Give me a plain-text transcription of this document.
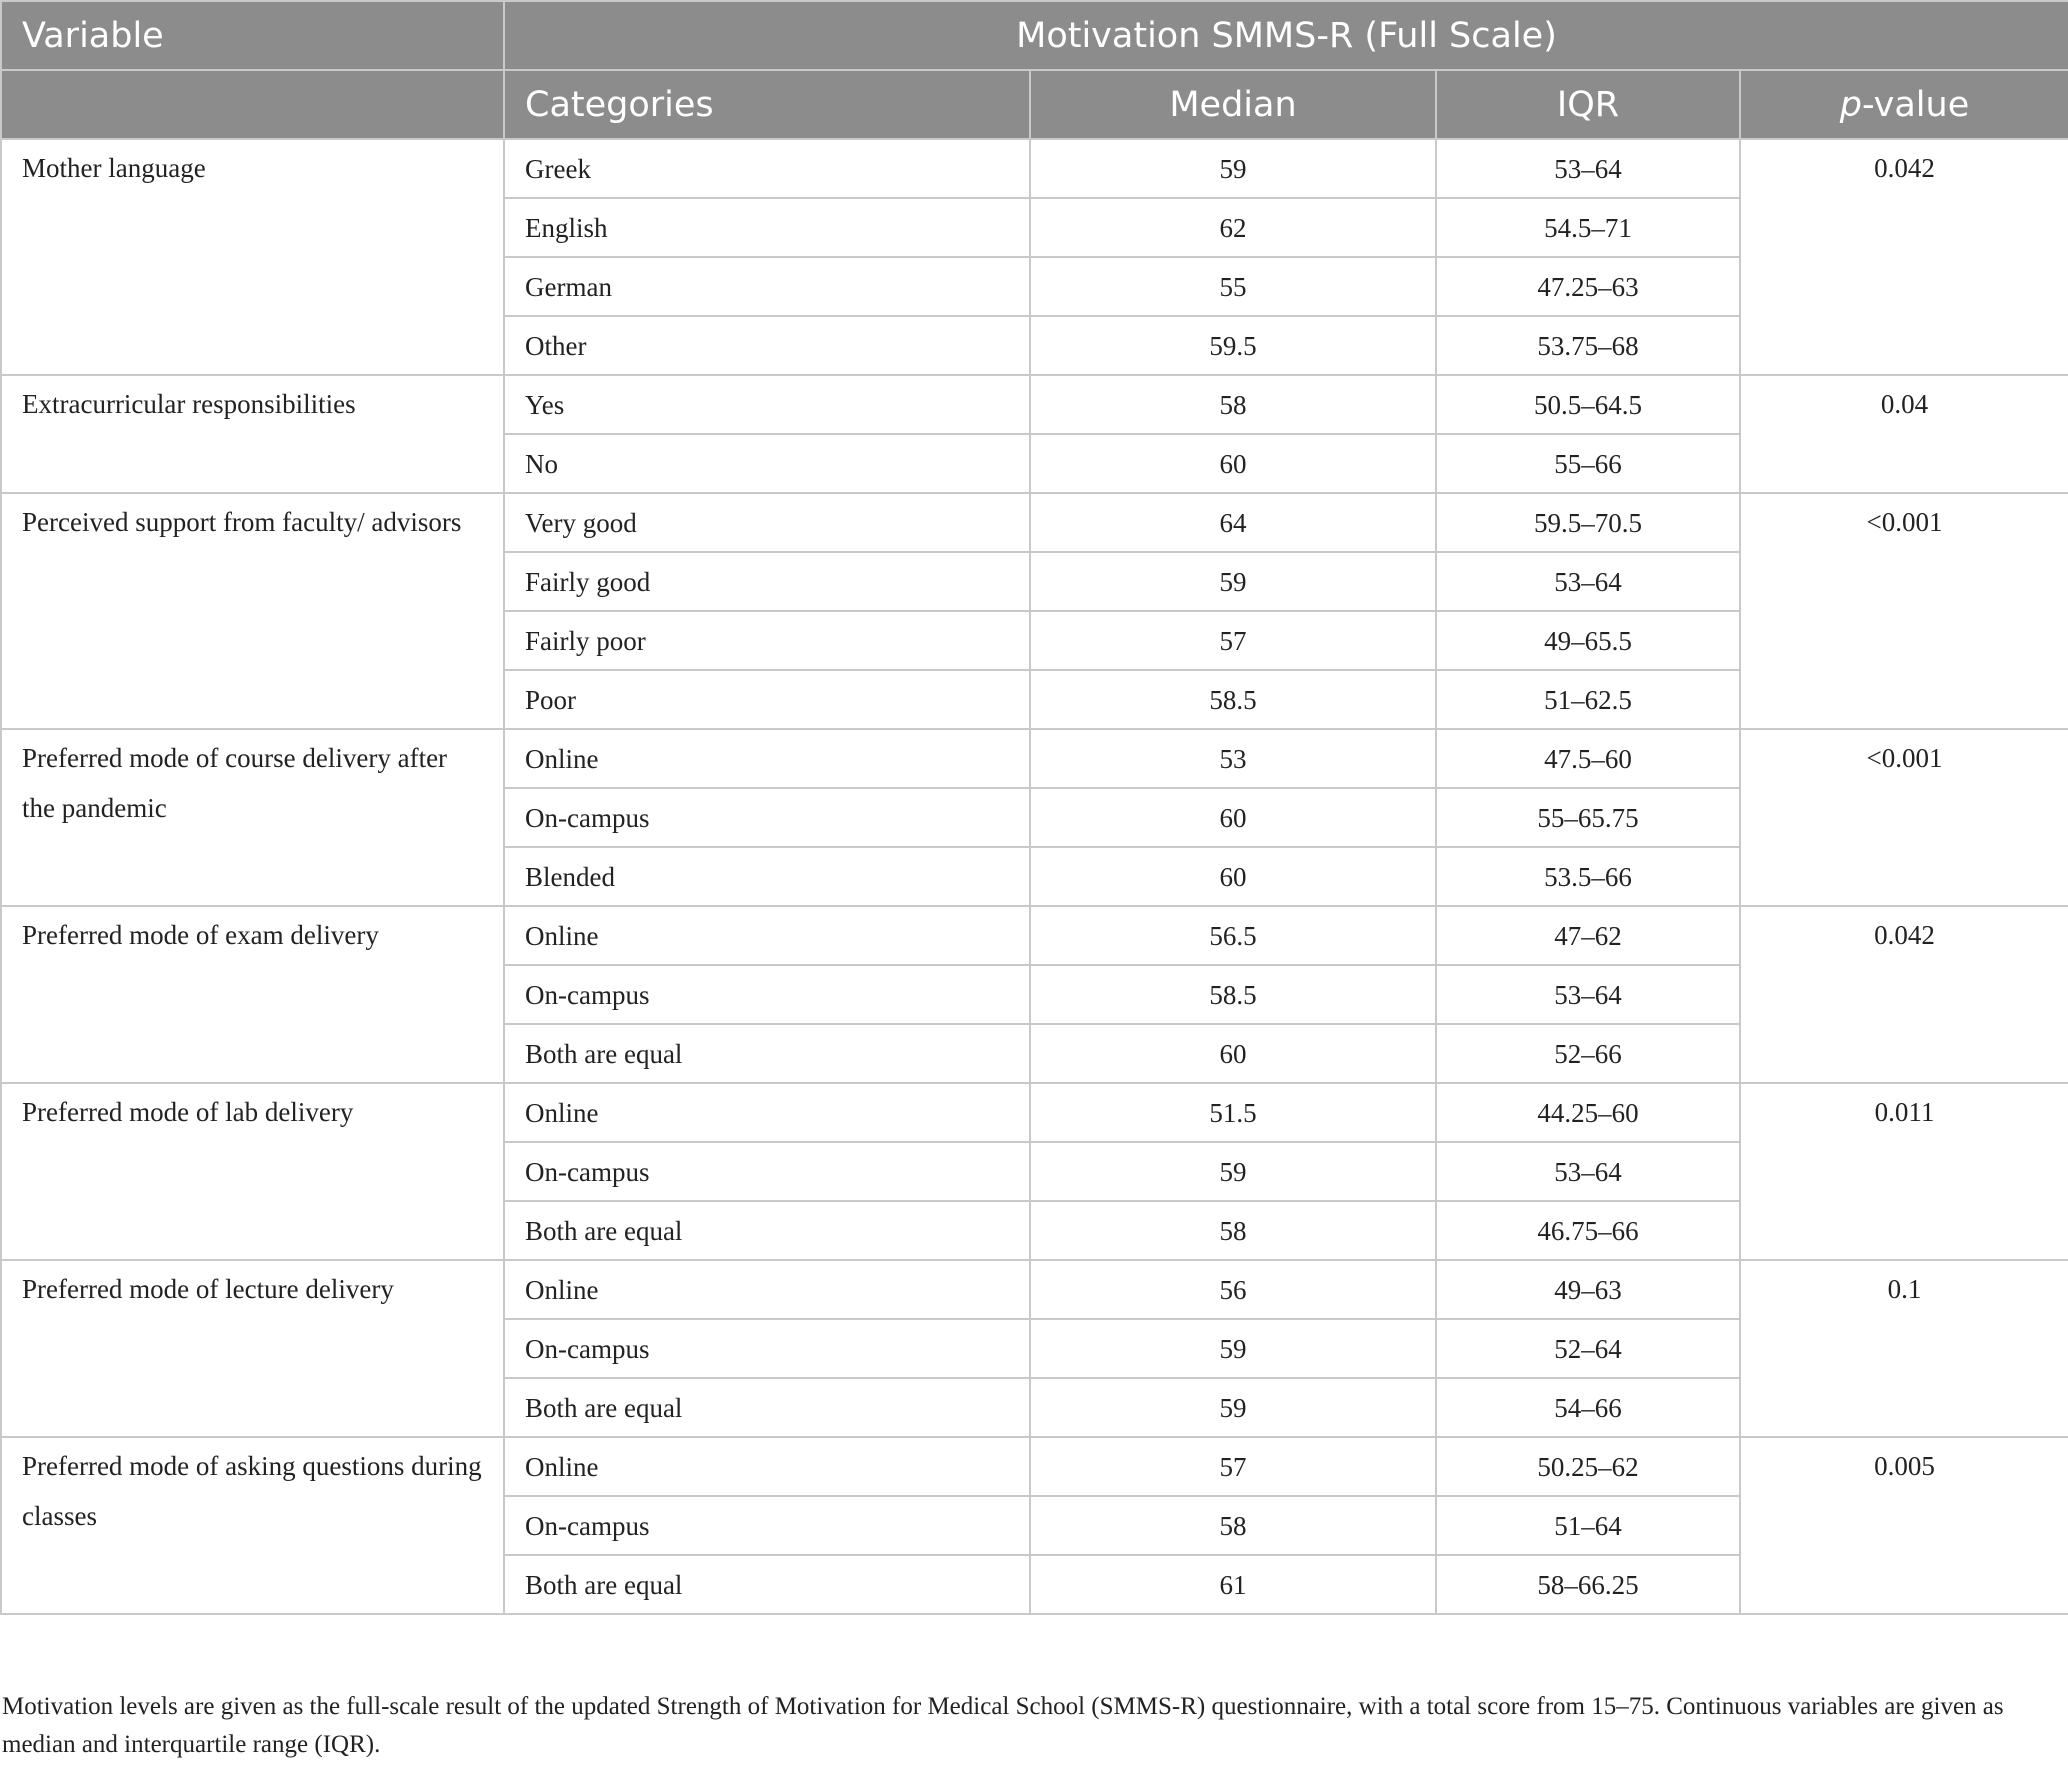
Variable	Motivation SMMS-R (Full Scale)			
	Categories	Median	IQR	p-value
Mother language	Greek	59	53–64	0.042
	English	62	54.5–71	
	German	55	47.25–63	
	Other	59.5	53.75–68	
Extracurricular responsibilities	Yes	58	50.5–64.5	0.04
	No	60	55–66	
Perceived support from faculty/ advisors	Very good	64	59.5–70.5	<0.001
	Fairly good	59	53–64	
	Fairly poor	57	49–65.5	
	Poor	58.5	51–62.5	
Preferred mode of course delivery after the pandemic	Online	53	47.5–60	<0.001
	On-campus	60	55–65.75	
	Blended	60	53.5–66	
Preferred mode of exam delivery	Online	56.5	47–62	0.042
	On-campus	58.5	53–64	
	Both are equal	60	52–66	
Preferred mode of lab delivery	Online	51.5	44.25–60	0.011
	On-campus	59	53–64	
	Both are equal	58	46.75–66	
Preferred mode of lecture delivery	Online	56	49–63	0.1
	On-campus	59	52–64	
	Both are equal	59	54–66	
Preferred mode of asking questions during classes	Online	57	50.25–62	0.005
	On-campus	58	51–64	
	Both are equal	61	58–66.25	

Motivation levels are given as the full-scale result of the updated Strength of Motivation for Medical School (SMMS-R) questionnaire, with a total score from 15–75. Continuous variables are given as median and interquartile range (IQR).
